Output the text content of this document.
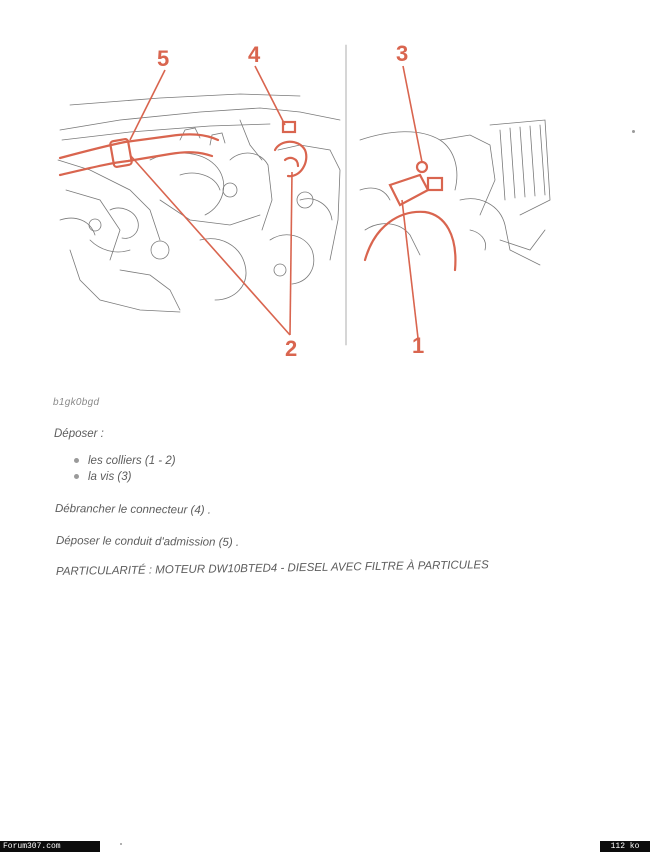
5	4	3
2	1
b1gk0bgd
Déposer :
les colliers (1 - 2)
la vis (3)
Débrancher le connecteur (4) .
Déposer le conduit d'admission (5) .
PARTICULARITÉ : MOTEUR DW10BTED4 - DIESEL AVEC FILTRE À PARTICULES
Forum307.com	112 ko
